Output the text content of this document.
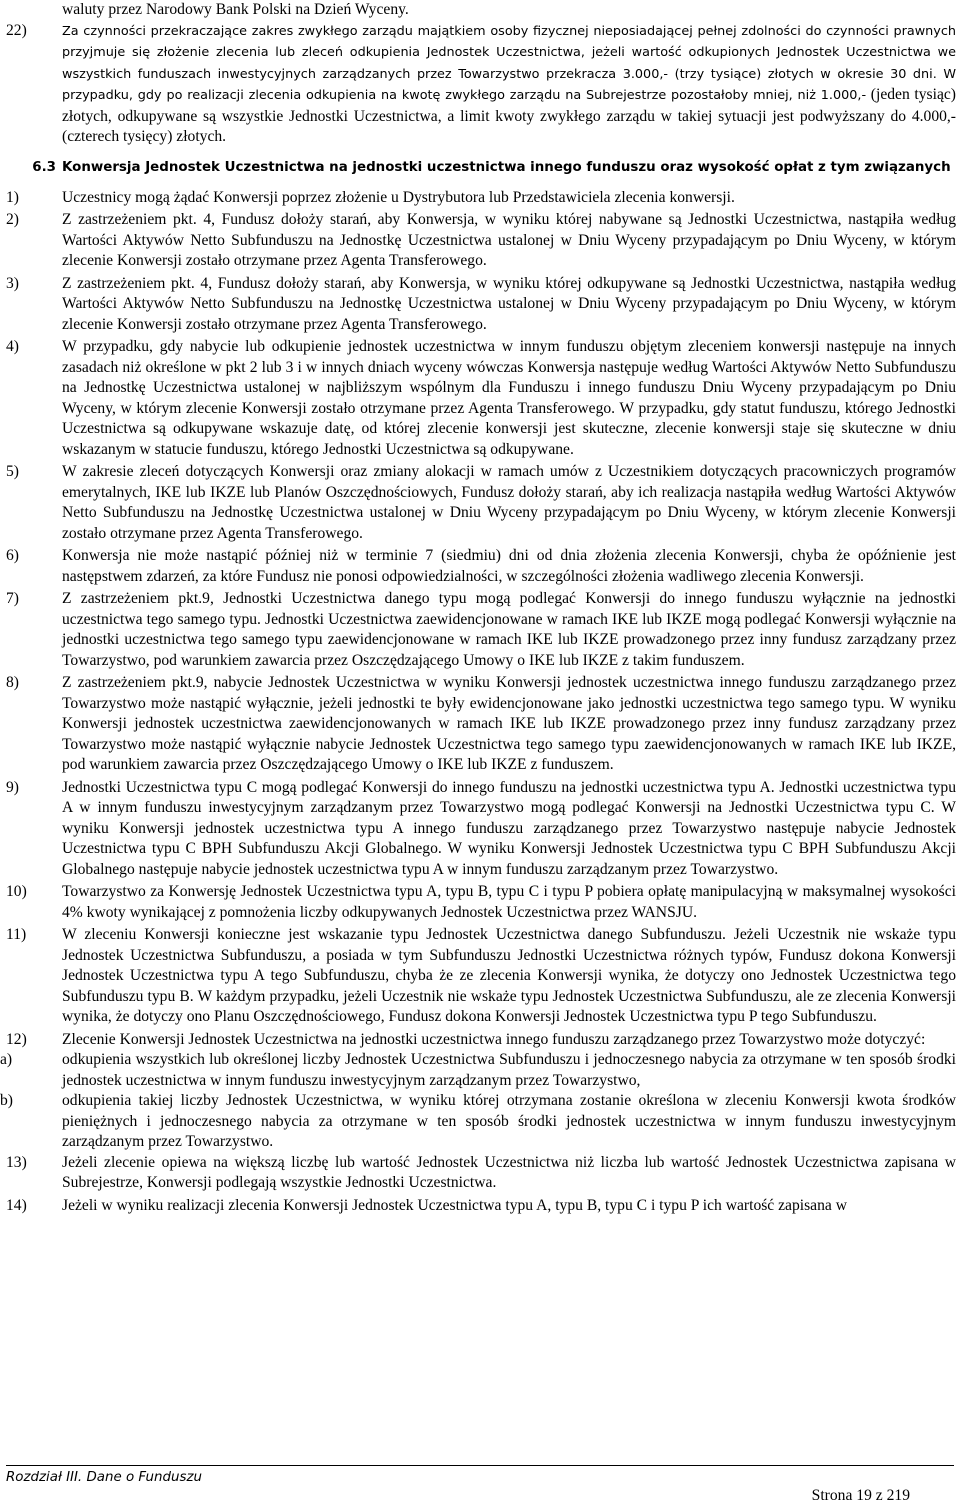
waluty przez Narodowy Bank Polski na Dzień Wyceny.

22)	Za czynności przekraczające zakres zwykłego zarządu majątkiem osoby fizycznej nieposiadającej pełnej zdolności do czynności prawnych przyjmuje się złożenie zlecenia lub zleceń odkupienia Jednostek Uczestnictwa, jeżeli wartość odkupionych Jednostek Uczestnictwa we wszystkich funduszach inwestycyjnych zarządzanych przez Towarzystwo przekracza 3.000,- (trzy tysiące) złotych w okresie 30 dni. W przypadku, gdy po realizacji zlecenia odkupienia na kwotę zwykłego zarządu na Subrejestrze pozostałoby mniej, niż 1.000,- (jeden tysiąc) złotych, odkupywane są wszystkie Jednostki Uczestnictwa, a limit kwoty zwykłego zarządu w takiej sytuacji jest podwyższany do 4.000,- (czterech tysięcy) złotych.
6.3 Konwersja Jednostek Uczestnictwa na jednostki uczestnictwa innego funduszu oraz wysokość opłat z tym związanych
1)	Uczestnicy mogą żądać Konwersji poprzez złożenie u Dystrybutora lub Przedstawiciela zlecenia konwersji.
2)	Z zastrzeżeniem pkt. 4, Fundusz dołoży starań, aby Konwersja, w wyniku której nabywane są Jednostki Uczestnictwa, nastąpiła według Wartości Aktywów Netto Subfunduszu na Jednostkę Uczestnictwa ustalonej w Dniu Wyceny przypadającym po Dniu Wyceny, w którym zlecenie Konwersji zostało otrzymane przez Agenta Transferowego.
3)	Z zastrzeżeniem pkt. 4, Fundusz dołoży starań, aby Konwersja, w wyniku której odkupywane są Jednostki Uczestnictwa, nastąpiła według Wartości Aktywów Netto Subfunduszu na Jednostkę Uczestnictwa ustalonej w Dniu Wyceny przypadającym po Dniu Wyceny, w którym zlecenie Konwersji zostało otrzymane przez Agenta Transferowego.
4)	W przypadku, gdy nabycie lub odkupienie jednostek uczestnictwa w innym funduszu objętym zleceniem konwersji następuje na innych zasadach niż określone w pkt 2 lub 3 i w innych dniach wyceny wówczas Konwersja następuje według Wartości Aktywów Netto Subfunduszu na Jednostkę Uczestnictwa ustalonej w najbliższym wspólnym dla Funduszu i innego funduszu Dniu Wyceny przypadającym po Dniu Wyceny, w którym zlecenie Konwersji zostało otrzymane przez Agenta Transferowego. W przypadku, gdy statut funduszu, którego Jednostki Uczestnictwa są odkupywane wskazuje datę, od której zlecenie konwersji jest skuteczne, zlecenie konwersji staje się skuteczne w dniu wskazanym w statucie funduszu, którego Jednostki Uczestnictwa są odkupywane.
5)	W zakresie zleceń dotyczących Konwersji oraz zmiany alokacji w ramach umów z Uczestnikiem dotyczących pracowniczych programów emerytalnych, IKE lub IKZE lub Planów Oszczędnościowych, Fundusz dołoży starań, aby ich realizacja nastąpiła według Wartości Aktywów Netto Subfunduszu na Jednostkę Uczestnictwa ustalonej w Dniu Wyceny przypadającym po Dniu Wyceny, w którym zlecenie Konwersji zostało otrzymane przez Agenta Transferowego.
6)	Konwersja nie może nastąpić później niż w terminie 7 (siedmiu) dni od dnia złożenia zlecenia Konwersji, chyba że opóźnienie jest następstwem zdarzeń, za które Fundusz nie ponosi odpowiedzialności, w szczególności złożenia wadliwego zlecenia Konwersji.
7)	Z zastrzeżeniem pkt.9, Jednostki Uczestnictwa danego typu mogą podlegać Konwersji do innego funduszu wyłącznie na jednostki uczestnictwa tego samego typu. Jednostki Uczestnictwa zaewidencjonowane w ramach IKE lub IKZE mogą podlegać Konwersji wyłącznie na jednostki uczestnictwa tego samego typu zaewidencjonowane w ramach IKE lub IKZE prowadzonego przez inny fundusz zarządzany przez Towarzystwo, pod warunkiem zawarcia przez Oszczędzającego Umowy o IKE lub IKZE z takim funduszem.
8)	Z zastrzeżeniem pkt.9, nabycie Jednostek Uczestnictwa w wyniku Konwersji jednostek uczestnictwa innego funduszu zarządzanego przez Towarzystwo może nastąpić wyłącznie, jeżeli jednostki te były ewidencjonowane jako jednostki uczestnictwa tego samego typu. W wyniku Konwersji jednostek uczestnictwa zaewidencjonowanych w ramach IKE lub IKZE prowadzonego przez inny fundusz zarządzany przez Towarzystwo może nastąpić wyłącznie nabycie Jednostek Uczestnictwa tego samego typu zaewidencjonowanych w ramach IKE lub IKZE, pod warunkiem zawarcia przez Oszczędzającego Umowy o IKE lub IKZE z funduszem.
9)	Jednostki Uczestnictwa typu C mogą podlegać Konwersji do innego funduszu na jednostki uczestnictwa typu A. Jednostki uczestnictwa typu A w innym funduszu inwestycyjnym zarządzanym przez Towarzystwo mogą podlegać Konwersji na Jednostki Uczestnictwa typu C. W wyniku Konwersji jednostek uczestnictwa typu A innego funduszu zarządzanego przez Towarzystwo następuje nabycie Jednostek Uczestnictwa typu C BPH Subfunduszu Akcji Globalnego. W wyniku Konwersji Jednostek Uczestnictwa typu C BPH Subfunduszu Akcji Globalnego następuje nabycie jednostek uczestnictwa typu A w innym funduszu zarządzanym przez Towarzystwo.
10) Towarzystwo za Konwersję Jednostek Uczestnictwa typu A, typu B, typu C i typu P pobiera opłatę manipulacyjną w maksymalnej wysokości 4% kwoty wynikającej z pomnożenia liczby odkupywanych Jednostek Uczestnictwa przez WANSJU.
11) W zleceniu Konwersji konieczne jest wskazanie typu Jednostek Uczestnictwa danego Subfunduszu. Jeżeli Uczestnik nie wskaże typu Jednostek Uczestnictwa Subfunduszu, a posiada w tym Subfunduszu Jednostki Uczestnictwa różnych typów, Fundusz dokona Konwersji Jednostek Uczestnictwa typu A tego Subfunduszu, chyba że ze zlecenia Konwersji wynika, że dotyczy ono Jednostek Uczestnictwa tego Subfunduszu typu B. W każdym przypadku, jeżeli Uczestnik nie wskaże typu Jednostek Uczestnictwa Subfunduszu, ale ze zlecenia Konwersji wynika, że dotyczy ono Planu Oszczędnościowego, Fundusz dokona Konwersji Jednostek Uczestnictwa typu P tego Subfunduszu.
12) Zlecenie Konwersji Jednostek Uczestnictwa na jednostki uczestnictwa innego funduszu zarządzanego przez Towarzystwo może dotyczyć:
a)	odkupienia wszystkich lub określonej liczby Jednostek Uczestnictwa Subfunduszu i jednoczesnego nabycia za otrzymane w ten sposób środki jednostek uczestnictwa w innym funduszu inwestycyjnym zarządzanym przez Towarzystwo,
b)	odkupienia takiej liczby Jednostek Uczestnictwa, w wyniku której otrzymana zostanie określona w zleceniu Konwersji kwota środków pieniężnych i jednoczesnego nabycia za otrzymane w ten sposób środki jednostek uczestnictwa w innym funduszu inwestycyjnym zarządzanym przez Towarzystwo.
13) Jeżeli zlecenie opiewa na większą liczbę lub wartość Jednostek Uczestnictwa niż liczba lub wartość Jednostek Uczestnictwa zapisana w Subrejestrze, Konwersji podlegają wszystkie Jednostki Uczestnictwa.
14) Jeżeli w wyniku realizacji zlecenia Konwersji Jednostek Uczestnictwa typu A, typu B, typu C i typu P ich wartość zapisana w
Rozdział III. Dane o Funduszu
Strona 19 z 219
